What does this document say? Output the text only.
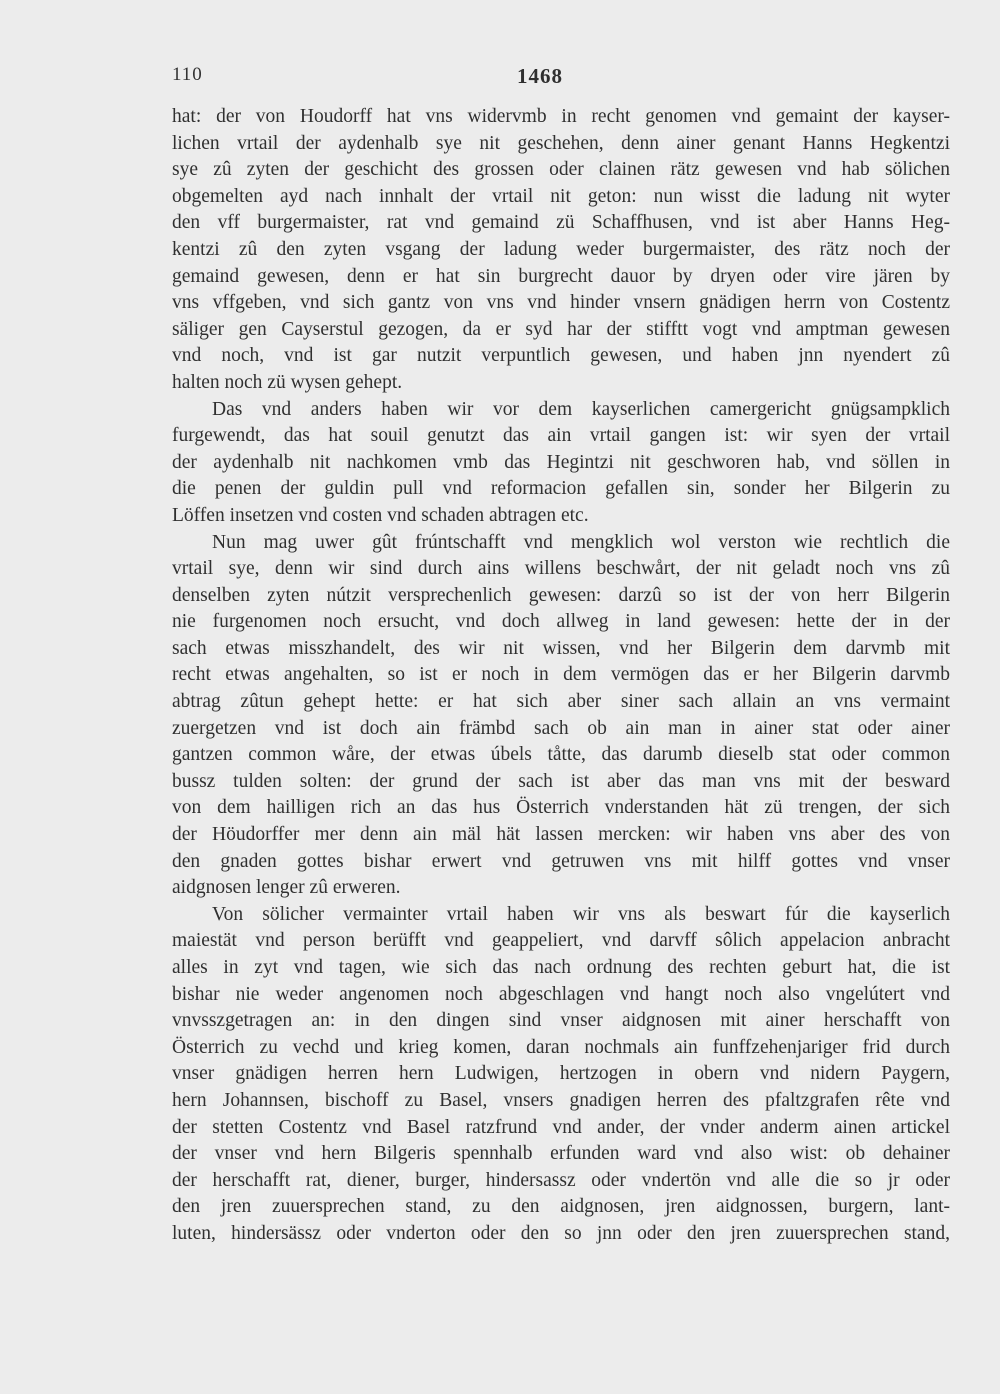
110	1468
hat: der von Houdorff hat vns widervmb in recht genomen vnd gemaint der kayser-
lichen vrtail der aydenhalb sye nit geschehen, denn ainer genant Hanns Hegkentzi
sye zû zyten der geschicht des grossen oder clainen rätz gewesen vnd hab sölichen
obgemelten ayd nach innhalt der vrtail nit geton: nun wisst die ladung nit wyter
den vff burgermaister, rat vnd gemaind zü Schaffhusen, vnd ist aber Hanns Heg-
kentzi zû den zyten vsgang der ladung weder burgermaister, des rätz noch der
gemaind gewesen, denn er hat sin burgrecht dauor by dryen oder vire jären by
vns vffgeben, vnd sich gantz von vns vnd hinder vnsern gnädigen herrn von Costentz
säliger gen Cayserstul gezogen, da er syd har der stifftt vogt vnd amptman gewesen
vnd noch, vnd ist gar nutzit verpuntlich gewesen, und haben jnn nyendert zû
halten noch zü wysen gehept.
Das vnd anders haben wir vor dem kayserlichen camergericht gnügsampklich
furgewendt, das hat souil genutzt das ain vrtail gangen ist: wir syen der vrtail
der aydenhalb nit nachkomen vmb das Hegintzi nit geschworen hab, vnd söllen in
die penen der guldin pull vnd reformacion gefallen sin, sonder her Bilgerin zu
Löffen insetzen vnd costen vnd schaden abtragen etc.
Nun mag uwer gût frúntschafft vnd mengklich wol verston wie rechtlich die
vrtail sye, denn wir sind durch ains willens beschwårt, der nit geladt noch vns zû
denselben zyten nútzit versprechenlich gewesen: darzû so ist der von herr Bilgerin
nie furgenomen noch ersucht, vnd doch allweg in land gewesen: hette der in der
sach etwas misszhandelt, des wir nit wissen, vnd her Bilgerin dem darvmb mit
recht etwas angehalten, so ist er noch in dem vermögen das er her Bilgerin darvmb
abtrag zûtun gehept hette: er hat sich aber siner sach allain an vns vermaint
zuergetzen vnd ist doch ain främbd sach ob ain man in ainer stat oder ainer
gantzen common wåre, der etwas úbels tåtte, das darumb dieselb stat oder common
bussz tulden solten: der grund der sach ist aber das man vns mit der besward
von dem hailligen rich an das hus Österrich vnderstanden hät zü trengen, der sich
der Höudorffer mer denn ain mäl hät lassen mercken: wir haben vns aber des von
den gnaden gottes bishar erwert vnd getruwen vns mit hilff gottes vnd vnser
aidgnosen lenger zû erweren.
Von sölicher vermainter vrtail haben wir vns als beswart fúr die kayserlich
maiestät vnd person berüfft vnd geappeliert, vnd darvff sôlich appelacion anbracht
alles in zyt vnd tagen, wie sich das nach ordnung des rechten geburt hat, die ist
bishar nie weder angenomen noch abgeschlagen vnd hangt noch also vngelútert vnd
vnvsszgetragen an: in den dingen sind vnser aidgnosen mit ainer herschafft von
Österrich zu vechd und krieg komen, daran nochmals ain funffzehenjariger frid durch
vnser gnädigen herren hern Ludwigen, hertzogen in obern vnd nidern Paygern,
hern Johannsen, bischoff zu Basel, vnsers gnadigen herren des pfaltzgrafen rête vnd
der stetten Costentz vnd Basel ratzfrund vnd ander, der vnder anderm ainen artickel
der vnser vnd hern Bilgeris spennhalb erfunden ward vnd also wist: ob dehainer
der herschafft rat, diener, burger, hindersassz oder vndertön vnd alle die so jr oder
den jren zuuersprechen stand, zu den aidgnosen, jren aidgnossen, burgern, lant-
luten, hindersässz oder vnderton oder den so jnn oder den jren zuuersprechen stand,
